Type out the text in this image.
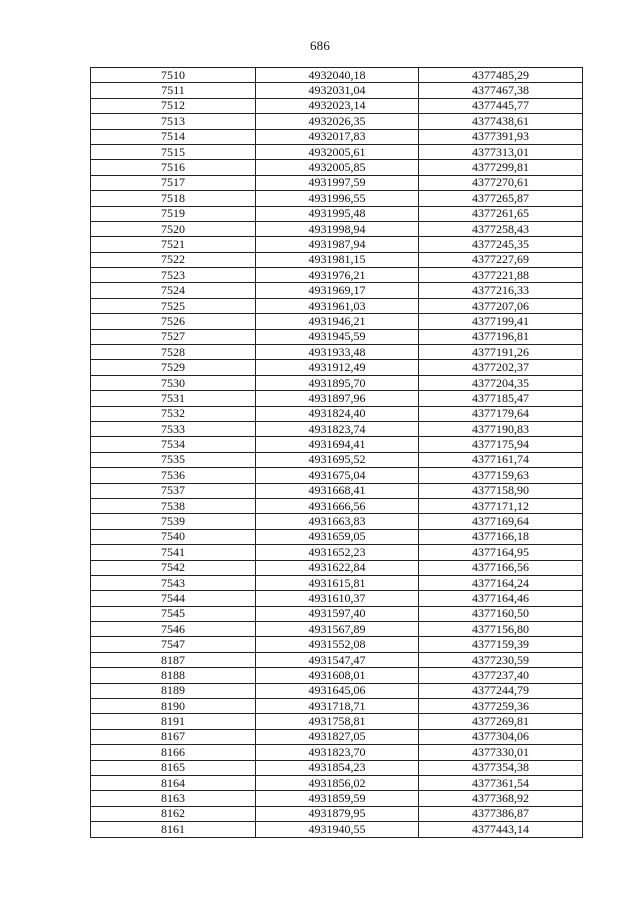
686
7510	4932040,18	4377485,29
7511	4932031,04	4377467,38
7512	4932023,14	4377445,77
7513	4932026,35	4377438,61
7514	4932017,83	4377391,93
7515	4932005,61	4377313,01
7516	4932005,85	4377299,81
7517	4931997,59	4377270,61
7518	4931996,55	4377265,87
7519	4931995,48	4377261,65
7520	4931998,94	4377258,43
7521	4931987,94	4377245,35
7522	4931981,15	4377227,69
7523	4931976,21	4377221,88
7524	4931969,17	4377216,33
7525	4931961,03	4377207,06
7526	4931946,21	4377199,41
7527	4931945,59	4377196,81
7528	4931933,48	4377191,26
7529	4931912,49	4377202,37
7530	4931895,70	4377204,35
7531	4931897,96	4377185,47
7532	4931824,40	4377179,64
7533	4931823,74	4377190,83
7534	4931694,41	4377175,94
7535	4931695,52	4377161,74
7536	4931675,04	4377159,63
7537	4931668,41	4377158,90
7538	4931666,56	4377171,12
7539	4931663,83	4377169,64
7540	4931659,05	4377166,18
7541	4931652,23	4377164,95
7542	4931622,84	4377166,56
7543	4931615,81	4377164,24
7544	4931610,37	4377164,46
7545	4931597,40	4377160,50
7546	4931567,89	4377156,80
7547	4931552,08	4377159,39
8187	4931547,47	4377230,59
8188	4931608,01	4377237,40
8189	4931645,06	4377244,79
8190	4931718,71	4377259,36
8191	4931758,81	4377269,81
8167	4931827,05	4377304,06
8166	4931823,70	4377330,01
8165	4931854,23	4377354,38
8164	4931856,02	4377361,54
8163	4931859,59	4377368,92
8162	4931879,95	4377386,87
8161	4931940,55	4377443,14
